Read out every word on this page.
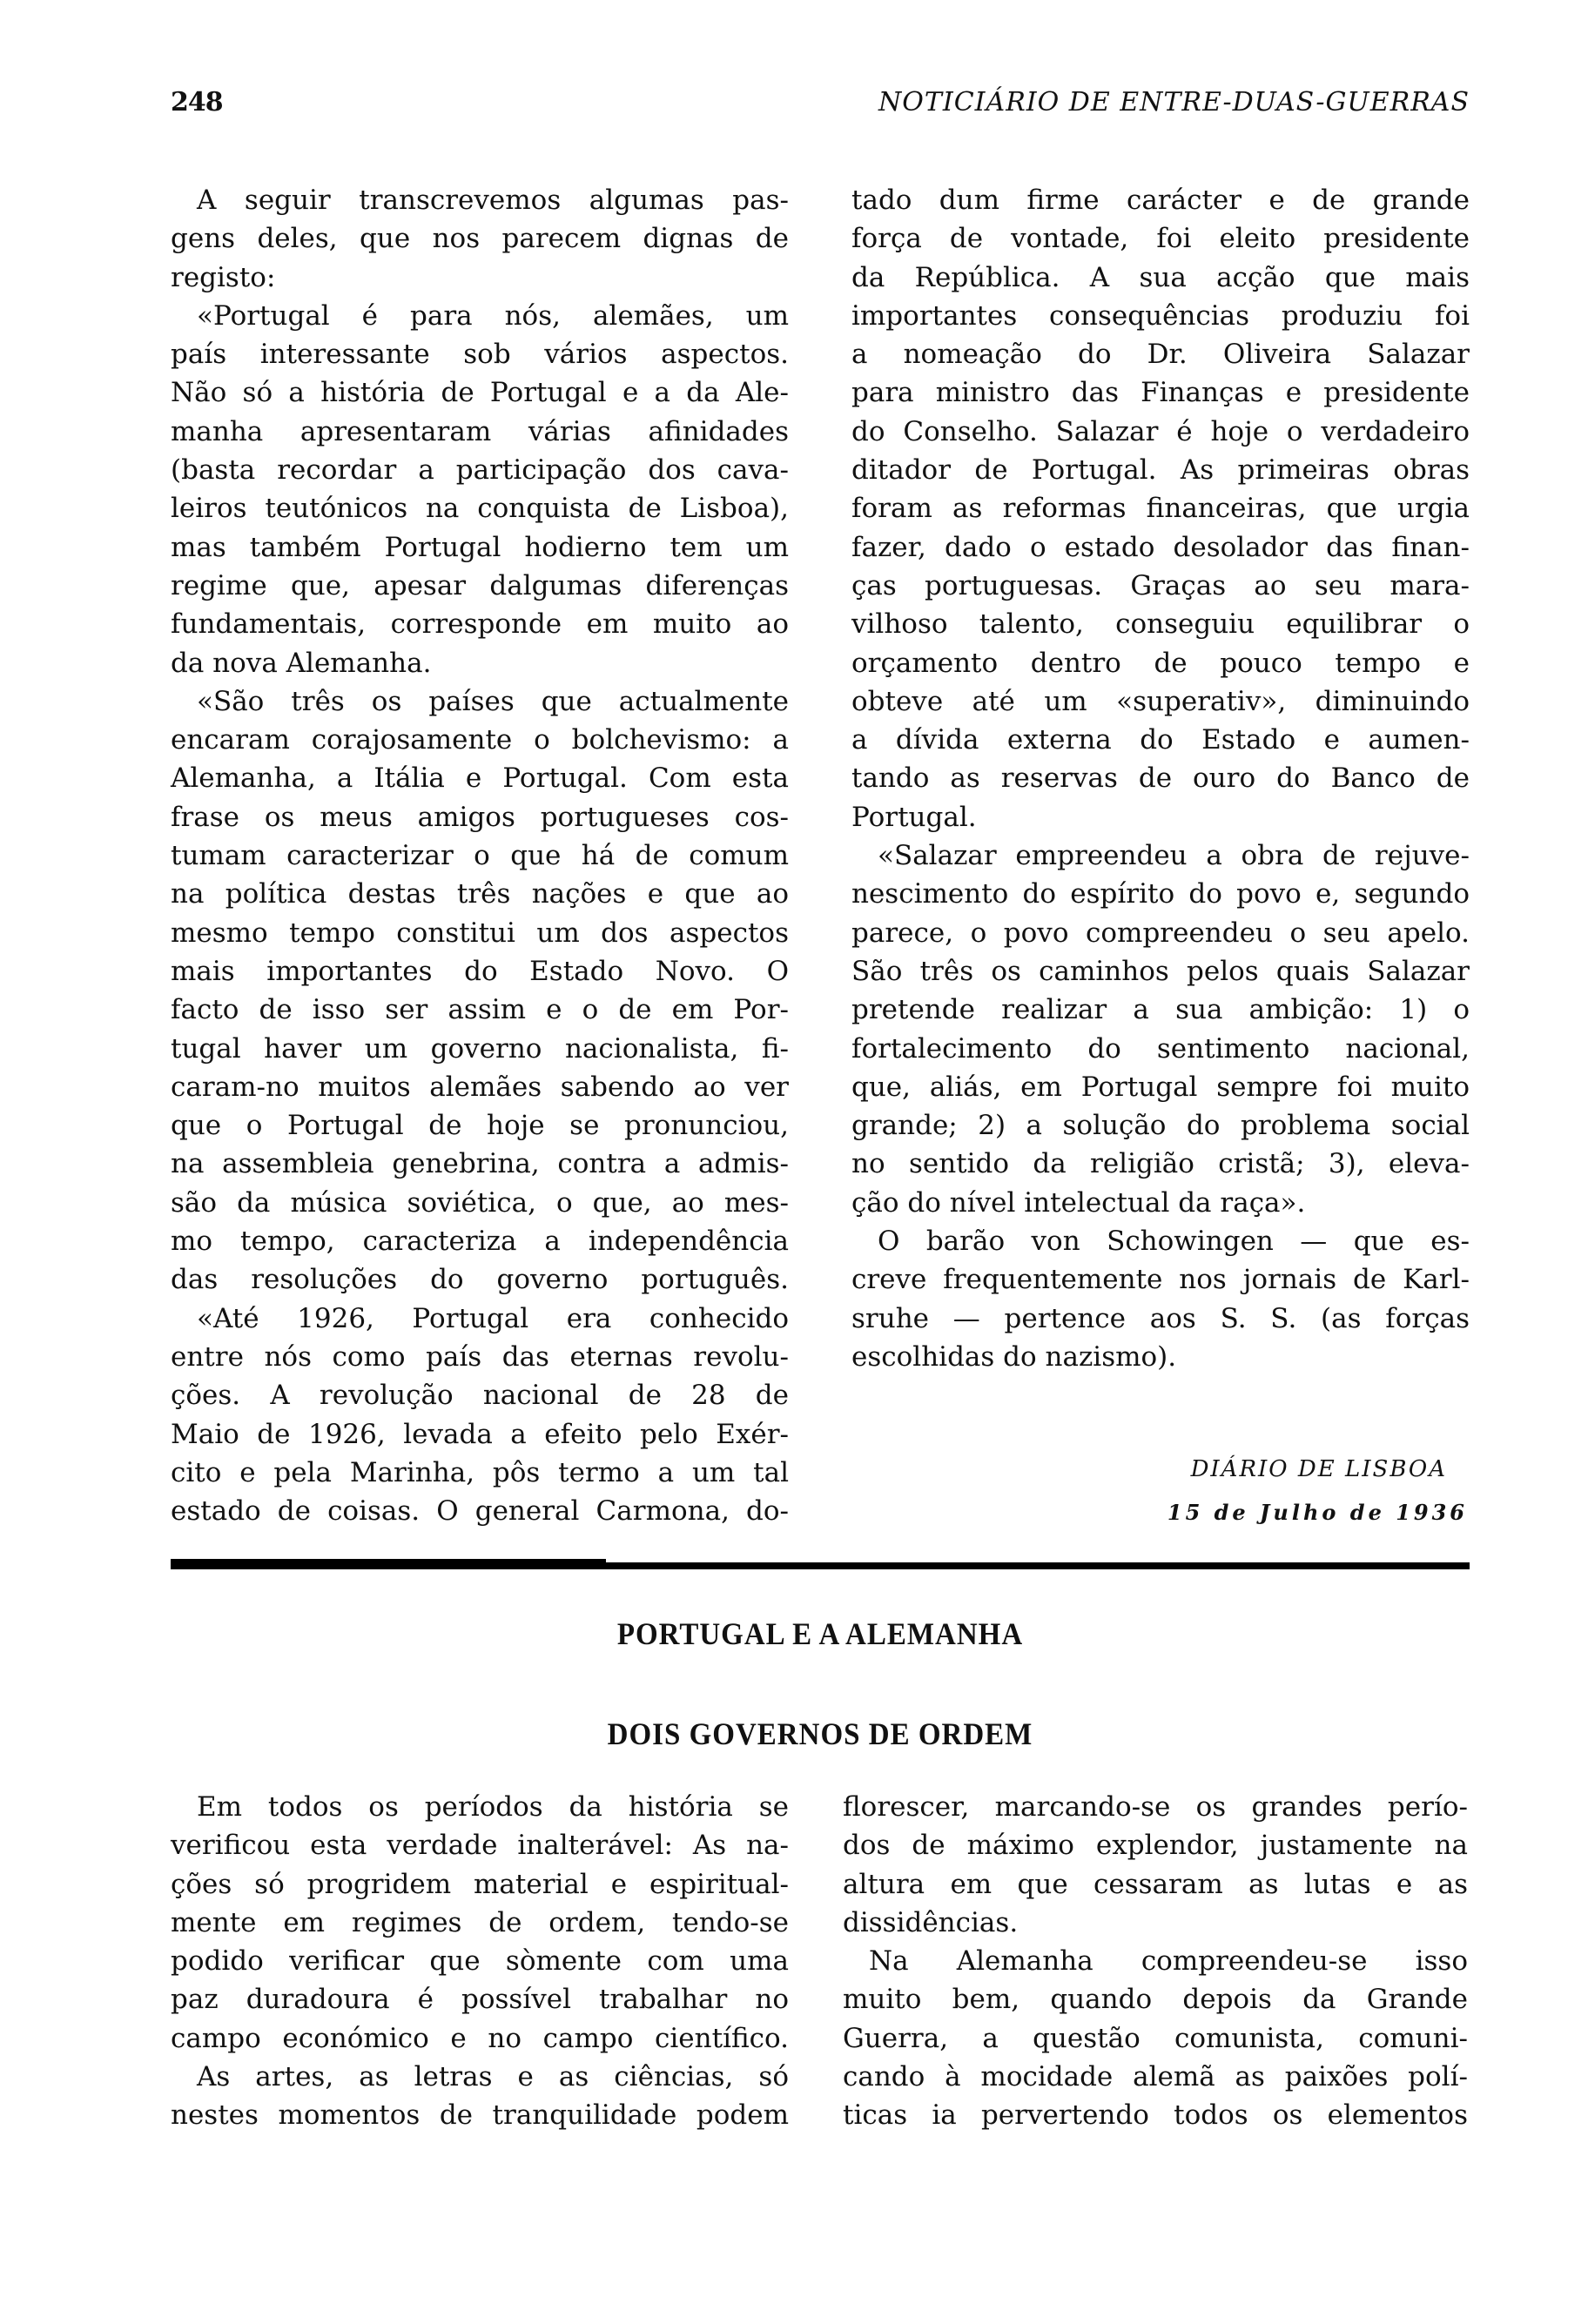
248	NOTICIÁRIO DE ENTRE-DUAS-GUERRAS
A seguir transcrevemos algumas pas-
gens deles, que nos parecem dignas de
registo:
«Portugal é para nós, alemães, um
país interessante sob vários aspectos.
Não só a história de Portugal e a da Ale-
manha apresentaram várias afinidades
(basta recordar a participação dos cava-
leiros teutónicos na conquista de Lisboa),
mas também Portugal hodierno tem um
regime que, apesar dalgumas diferenças
fundamentais, corresponde em muito ao
da nova Alemanha.
«São três os países que actualmente
encaram corajosamente o bolchevismo: a
Alemanha, a Itália e Portugal. Com esta
frase os meus amigos portugueses cos-
tumam caracterizar o que há de comum
na política destas três nações e que ao
mesmo tempo constitui um dos aspectos
mais importantes do Estado Novo. O
facto de isso ser assim e o de em Por-
tugal haver um governo nacionalista, fi-
caram-no muitos alemães sabendo ao ver
que o Portugal de hoje se pronunciou,
na assembleia genebrina, contra a admis-
são da música soviética, o que, ao mes-
mo tempo, caracteriza a independência
das resoluções do governo português.
«Até 1926, Portugal era conhecido
entre nós como país das eternas revolu-
ções. A revolução nacional de 28 de
Maio de 1926, levada a efeito pelo Exér-
cito e pela Marinha, pôs termo a um tal
estado de coisas. O general Carmona, do-
tado dum firme carácter e de grande
força de vontade, foi eleito presidente
da República. A sua acção que mais
importantes consequências produziu foi
a nomeação do Dr. Oliveira Salazar
para ministro das Finanças e presidente
do Conselho. Salazar é hoje o verdadeiro
ditador de Portugal. As primeiras obras
foram as reformas financeiras, que urgia
fazer, dado o estado desolador das finan-
ças portuguesas. Graças ao seu mara-
vilhoso talento, conseguiu equilibrar o
orçamento dentro de pouco tempo e
obteve até um «superativ», diminuindo
a dívida externa do Estado e aumen-
tando as reservas de ouro do Banco de
Portugal.
«Salazar empreendeu a obra de rejuve-
nescimento do espírito do povo e, segundo
parece, o povo compreendeu o seu apelo.
São três os caminhos pelos quais Salazar
pretende realizar a sua ambição: 1) o
fortalecimento do sentimento nacional,
que, aliás, em Portugal sempre foi muito
grande; 2) a solução do problema social
no sentido da religião cristã; 3), eleva-
ção do nível intelectual da raça».
O barão von Schowingen — que es-
creve frequentemente nos jornais de Karl-
sruhe — pertence aos S. S. (as forças
escolhidas do nazismo).
DIÁRIO DE LISBOA
15 de Julho de 1936
PORTUGAL E A ALEMANHA
DOIS GOVERNOS DE ORDEM
Em todos os períodos da história se
verificou esta verdade inalterável: As na-
ções só progridem material e espiritual-
mente em regimes de ordem, tendo-se
podido verificar que sòmente com uma
paz duradoura é possível trabalhar no
campo económico e no campo científico.
As artes, as letras e as ciências, só
nestes momentos de tranquilidade podem
florescer, marcando-se os grandes perío-
dos de máximo explendor, justamente na
altura em que cessaram as lutas e as
dissidências.
Na Alemanha compreendeu-se isso
muito bem, quando depois da Grande
Guerra, a questão comunista, comuni-
cando à mocidade alemã as paixões polí-
ticas ia pervertendo todos os elementos
